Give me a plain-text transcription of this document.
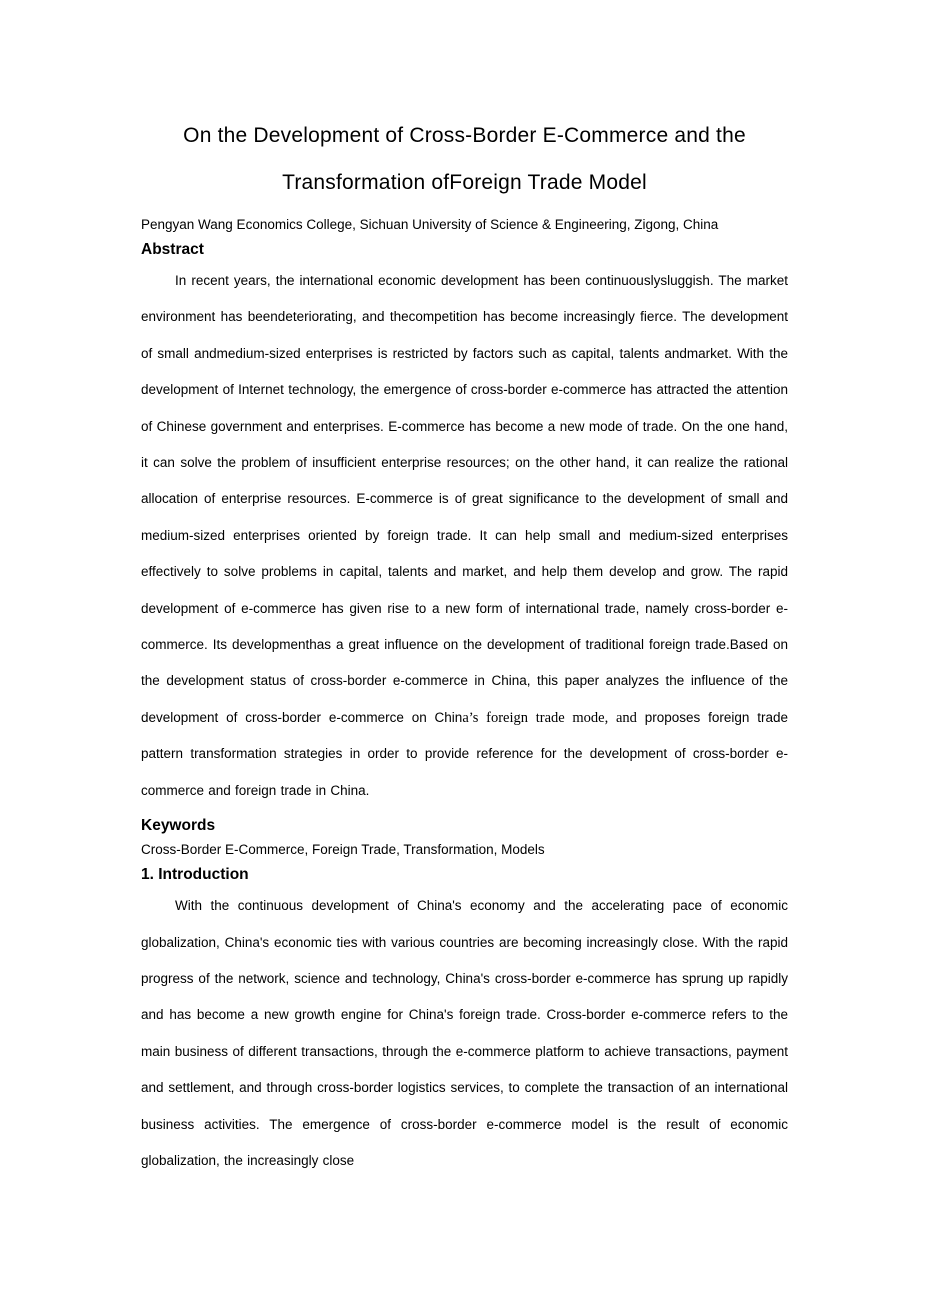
On the Development of Cross-Border E-Commerce and the
Transformation ofForeign Trade Model

Pengyan Wang Economics College, Sichuan University of Science & Engineering, Zigong, China

Abstract

In recent years, the international economic development has been continuouslysluggish. The market environment has beendeteriorating, and thecompetition has become increasingly fierce. The development of small andmedium-sized enterprises is restricted by factors such as capital, talents andmarket. With the development of Internet technology, the emergence of cross-border e-commerce has attracted the attention of Chinese government and enterprises. E-commerce has become a new mode of trade. On the one hand, it can solve the problem of insufficient enterprise resources; on the other hand, it can realize the rational allocation of enterprise resources. E-commerce is of great significance to the development of small and medium-sized enterprises oriented by foreign trade. It can help small and medium-sized enterprises effectively to solve problems in capital, talents and market, and help them develop and grow. The rapid development of e-commerce has given rise to a new form of international trade, namely cross-border e-commerce. Its developmenthas a great influence on the development of traditional foreign trade.Based on the development status of cross-border e-commerce in China, this paper analyzes the influence of the development of cross-border e-commerce on China’s foreign trade mode, and proposes foreign trade pattern transformation strategies in order to provide reference for the development of cross-border e-commerce and foreign trade in China.

Keywords

Cross-Border E-Commerce, Foreign Trade, Transformation, Models

1. Introduction

With the continuous development of China's economy and the accelerating pace of economic globalization, China's economic ties with various countries are becoming increasingly close. With the rapid progress of the network, science and technology, China's cross-border e-commerce has sprung up rapidly and has become a new growth engine for China's foreign trade. Cross-border e-commerce refers to the main business of different transactions, through the e-commerce platform to achieve transactions, payment and settlement, and through cross-border logistics services, to complete the transaction of an international business activities. The emergence of cross-border e-commerce model is the result of economic globalization, the increasingly close
